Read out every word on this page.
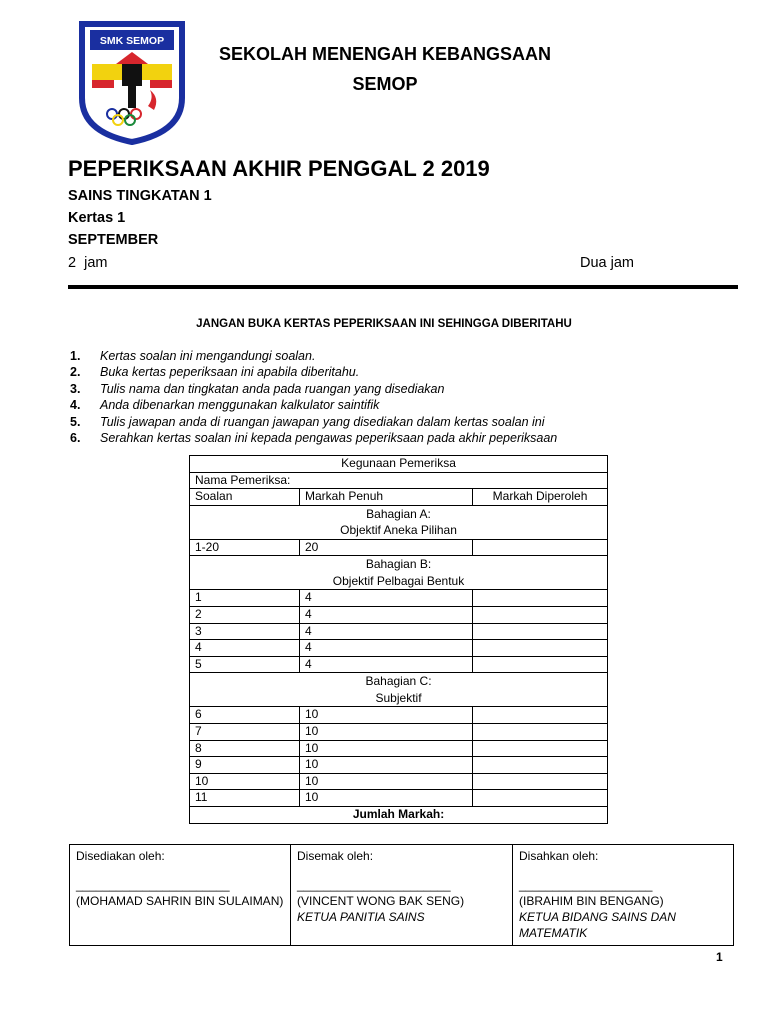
SMK SEMOP
SEKOLAH MENENGAH KEBANGSAAN
SEMOP
PEPERIKSAAN AKHIR PENGGAL 2 2019
SAINS TINGKATAN 1
Kertas 1
SEPTEMBER
2  jam	Dua jam
JANGAN BUKA KERTAS PEPERIKSAAN INI SEHINGGA DIBERITAHU
1. Kertas soalan ini mengandungi soalan.
2. Buka kertas peperiksaan ini apabila diberitahu.
3. Tulis nama dan tingkatan anda pada ruangan yang disediakan
4. Anda dibenarkan menggunakan kalkulator saintifik
5. Tulis jawapan anda di ruangan jawapan yang disediakan dalam kertas soalan ini
6. Serahkan kertas soalan ini kepada pengawas peperiksaan pada akhir peperiksaan
Kegunaan Pemeriksa		
Nama Pemeriksa:		
Soalan	Markah Penuh	Markah Diperoleh
Bahagian A:
Objektif Aneka Pilihan		
1-20	20	
Bahagian B:
Objektif Pelbagai Bentuk		
1	4	
2	4	
3	4	
4	4	
5	4	
Bahagian C:
Subjektif		
6	10	
7	10	
8	10	
9	10	
10	10	
11	10	
Jumlah Markah:		
Disediakan oleh:
_______________________
(MOHAMAD SAHRIN BIN SULAIMAN)

Disemak oleh:
_______________________
(VINCENT WONG BAK SENG)
KETUA PANITIA SAINS

Disahkan oleh:
____________________
(IBRAHIM BIN BENGANG)
KETUA BIDANG SAINS DAN MATEMATIK
1
